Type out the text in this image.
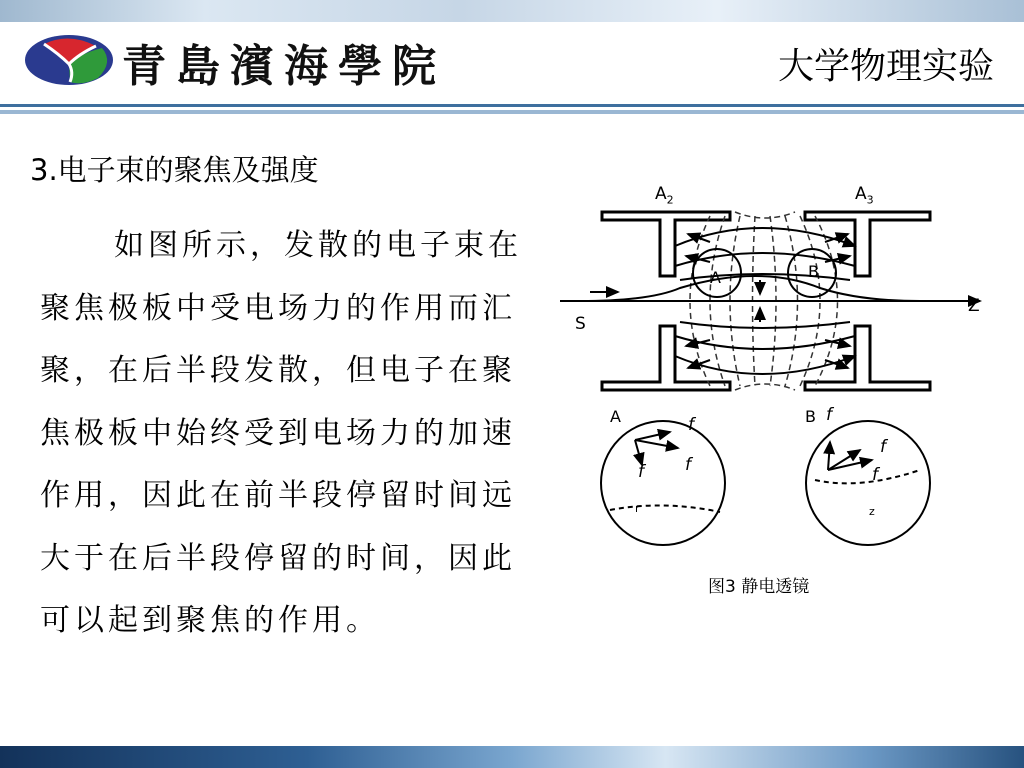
青島濱海學院	大学物理实验
3.电子束的聚焦及强度
如图所示，发散的电子束在聚焦极板中受电场力的作用而汇聚，在后半段发散，但电子在聚焦极板中始终受到电场力的加速作用，因此在前半段停留时间远大于在后半段停留的时间，因此可以起到聚焦的作用。
$A_2$	$A_3$
A	B
S
Z
A	B
f
f
f
r
f
f
f
z
图3 静电透镜
